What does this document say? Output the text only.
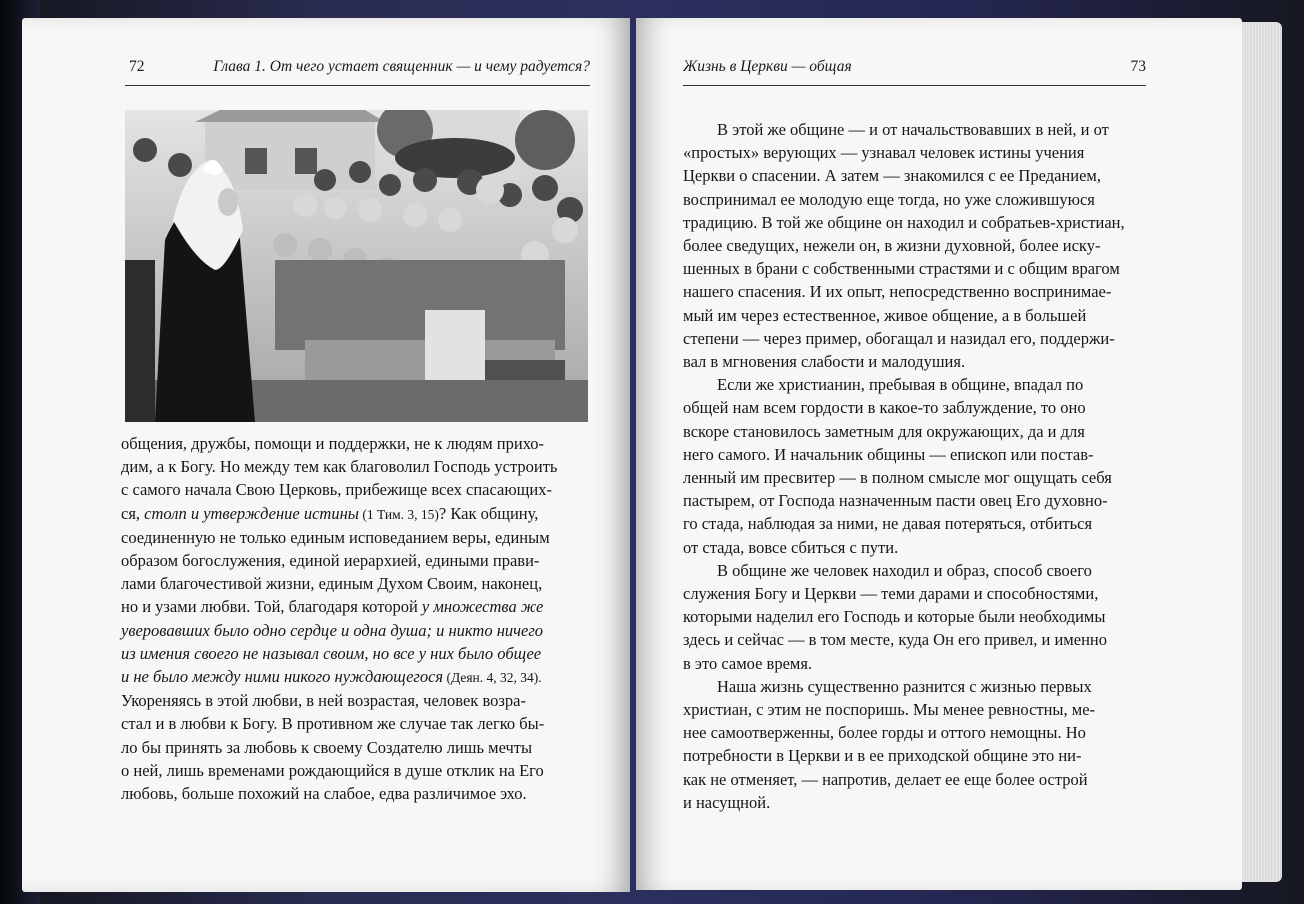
72	Глава 1. От чего устает священник — и чему радуется?
общения, дружбы, помощи и поддержки, не к людям прихо-
дим, а к Богу. Но между тем как благоволил Господь устроить
с самого начала Свою Церковь, прибежище всех спасающих-
ся, столп и утверждение истины (1 Тим. 3, 15)? Как общину,
соединенную не только единым исповеданием веры, единым
образом богослужения, единой иерархией, едиными прави-
лами благочестивой жизни, единым Духом Своим, наконец,
но и узами любви. Той, благодаря которой у множества же
уверовавших было одно сердце и одна душа; и никто ничего
из имения своего не называл своим, но все у них было общее
и не было между ними никого нуждающегося (Деян. 4, 32, 34).
Укореняясь в этой любви, в ней возрастая, человек возра-
стал и в любви к Богу. В противном же случае так легко бы-
ло бы принять за любовь к своему Создателю лишь мечты
о ней, лишь временами рождающийся в душе отклик на Его
любовь, больше похожий на слабое, едва различимое эхо.
Жизнь в Церкви — общая	73
В этой же общине — и от начальствовавших в ней, и от
«простых» верующих — узнавал человек истины учения
Церкви о спасении. А затем — знакомился с ее Преданием,
воспринимал ее молодую еще тогда, но уже сложившуюся
традицию. В той же общине он находил и собратьев-христиан,
более сведущих, нежели он, в жизни духовной, более иску-
шенных в брани с собственными страстями и с общим врагом
нашего спасения. И их опыт, непосредственно воспринимае-
мый им через естественное, живое общение, а в большей
степени — через пример, обогащал и назидал его, поддержи-
вал в мгновения слабости и малодушия.
Если же христианин, пребывая в общине, впадал по
общей нам всем гордости в какое-то заблуждение, то оно
вскоре становилось заметным для окружающих, да и для
него самого. И начальник общины — епископ или постав-
ленный им пресвитер — в полном смысле мог ощущать себя
пастырем, от Господа назначенным пасти овец Его духовно-
го стада, наблюдая за ними, не давая потеряться, отбиться
от стада, вовсе сбиться с пути.
В общине же человек находил и образ, способ своего
служения Богу и Церкви — теми дарами и способностями,
которыми наделил его Господь и которые были необходимы
здесь и сейчас — в том месте, куда Он его привел, и именно
в это самое время.
Наша жизнь существенно разнится с жизнью первых
христиан, с этим не поспоришь. Мы менее ревностны, ме-
нее самоотверженны, более горды и оттого немощны. Но
потребности в Церкви и в ее приходской общине это ни-
как не отменяет, — напротив, делает ее еще более острой
и насущной.
